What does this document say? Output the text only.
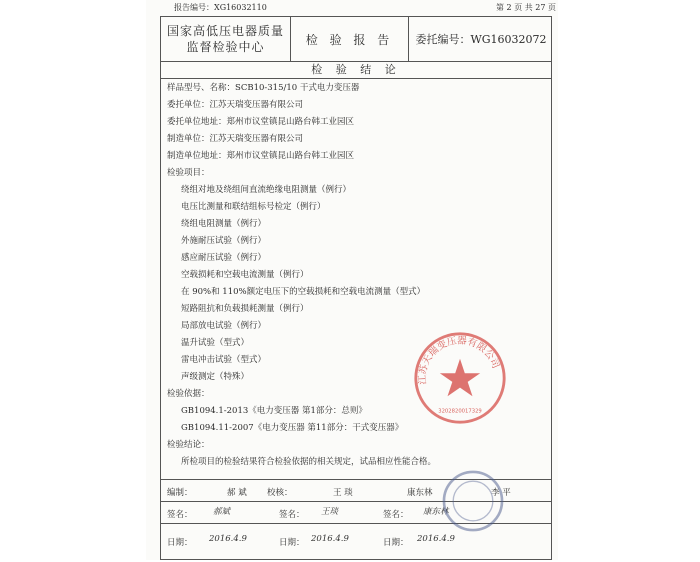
报告编号：XG16032110	第 2 页 共 27 页
国家高低压电器质量
监督检验中心
检 验 报 告	委托编号：WG16032072
检 验 结 论
样品型号、名称：SCB10-315/10 干式电力变压器
委托单位：江苏天瑞变压器有限公司
委托单位地址：郑州市议堂镇昆山路台韩工业园区
制造单位：江苏天瑞变压器有限公司
制造单位地址：郑州市议堂镇昆山路台韩工业园区
检验项目：
绕组对地及绕组间直流绝缘电阻测量（例行）
电压比测量和联结组标号检定（例行）
绕组电阻测量（例行）
外施耐压试验（例行）
感应耐压试验（例行）
空载损耗和空载电流测量（例行）
在 90%和 110%额定电压下的空载损耗和空载电流测量（型式）
短路阻抗和负载损耗测量（例行）
局部放电试验（例行）
温升试验（型式）
雷电冲击试验（型式）
声级测定（特殊）
检验依据：
GB1094.1-2013《电力变压器 第1部分：总则》
GB1094.11-2007《电力变压器 第11部分：干式变压器》
检验结论：
所检项目的检验结果符合检验依据的相关规定，试品相应性能合格。
编制：	郝 斌 校核：	王 琰	康东林	李 平
签名： 郝斌	签名： 王琰	签名： 康东林
日期： 2016.4.9	日期： 2016.4.9	日期： 2016.4.9
江苏天瑞变压器有限公司
3202820017329
